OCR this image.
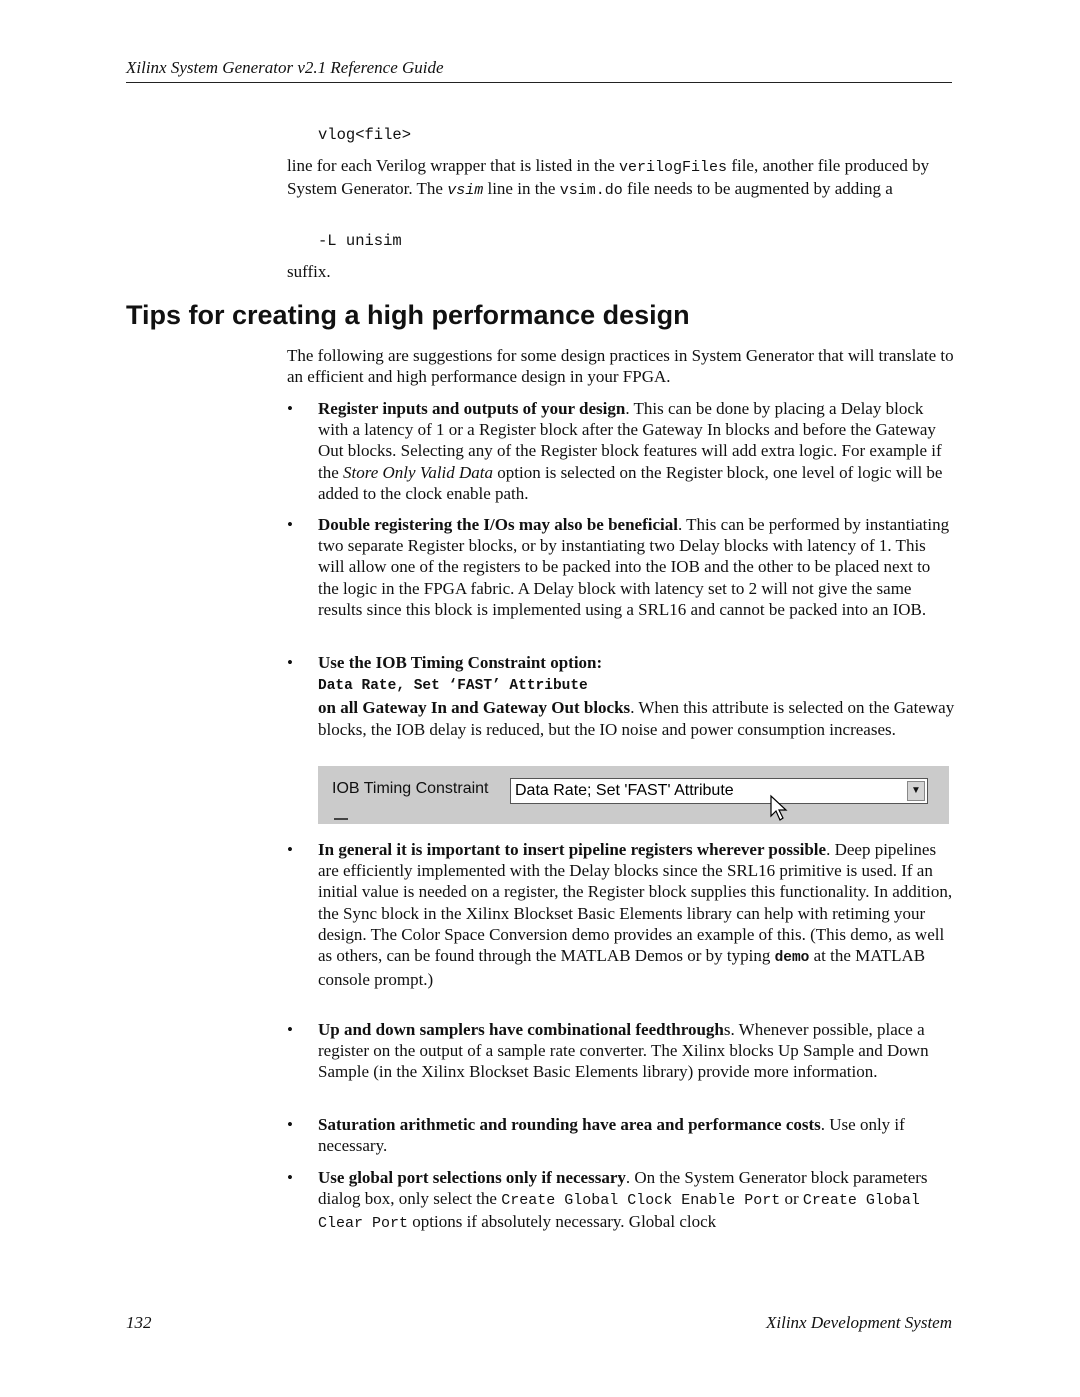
Xilinx System Generator v2.1 Reference Guide
vlog<file>
line for each Verilog wrapper that is listed in the verilogFiles file, another file produced by System Generator. The vsim line in the vsim.do file needs to be augmented by adding a
-L unisim
suffix.
Tips for creating a high performance design
The following are suggestions for some design practices in System Generator that will translate to an efficient and high performance design in your FPGA.
•	Register inputs and outputs of your design. This can be done by placing a Delay block with a latency of 1 or a Register block after the Gateway In blocks and before the Gateway Out blocks. Selecting any of the Register block features will add extra logic. For example if the Store Only Valid Data option is selected on the Register block, one level of logic will be added to the clock enable path.
•	Double registering the I/Os may also be beneficial. This can be performed by instantiating two separate Register blocks, or by instantiating two Delay blocks with latency of 1. This will allow one of the registers to be packed into the IOB and the other to be placed next to the logic in the FPGA fabric. A Delay block with latency set to 2 will not give the same results since this block is implemented using a SRL16 and cannot be packed into an IOB.
•	Use the IOB Timing Constraint option:
Data Rate, Set ‘FAST’ Attribute
on all Gateway In and Gateway Out blocks. When this attribute is selected on the Gateway blocks, the IOB delay is reduced, but the IO noise and power consumption increases.
IOB Timing Constraint Data Rate; Set 'FAST' Attribute	▼
•	In general it is important to insert pipeline registers wherever possible. Deep pipelines are efficiently implemented with the Delay blocks since the SRL16 primitive is used. If an initial value is needed on a register, the Register block supplies this functionality. In addition, the Sync block in the Xilinx Blockset Basic Elements library can help with retiming your design. The Color Space Conversion demo provides an example of this. (This demo, as well as others, can be found through the MATLAB Demos or by typing demo at the MATLAB console prompt.)
•	Up and down samplers have combinational feedthroughs. Whenever possible, place a register on the output of a sample rate converter. The Xilinx blocks Up Sample and Down Sample (in the Xilinx Blockset Basic Elements library) provide more information.
•	Saturation arithmetic and rounding have area and performance costs. Use only if necessary.
•	Use global port selections only if necessary. On the System Generator block parameters dialog box, only select the Create Global Clock Enable Port or Create Global Clear Port options if absolutely necessary. Global clock
132	Xilinx Development System
